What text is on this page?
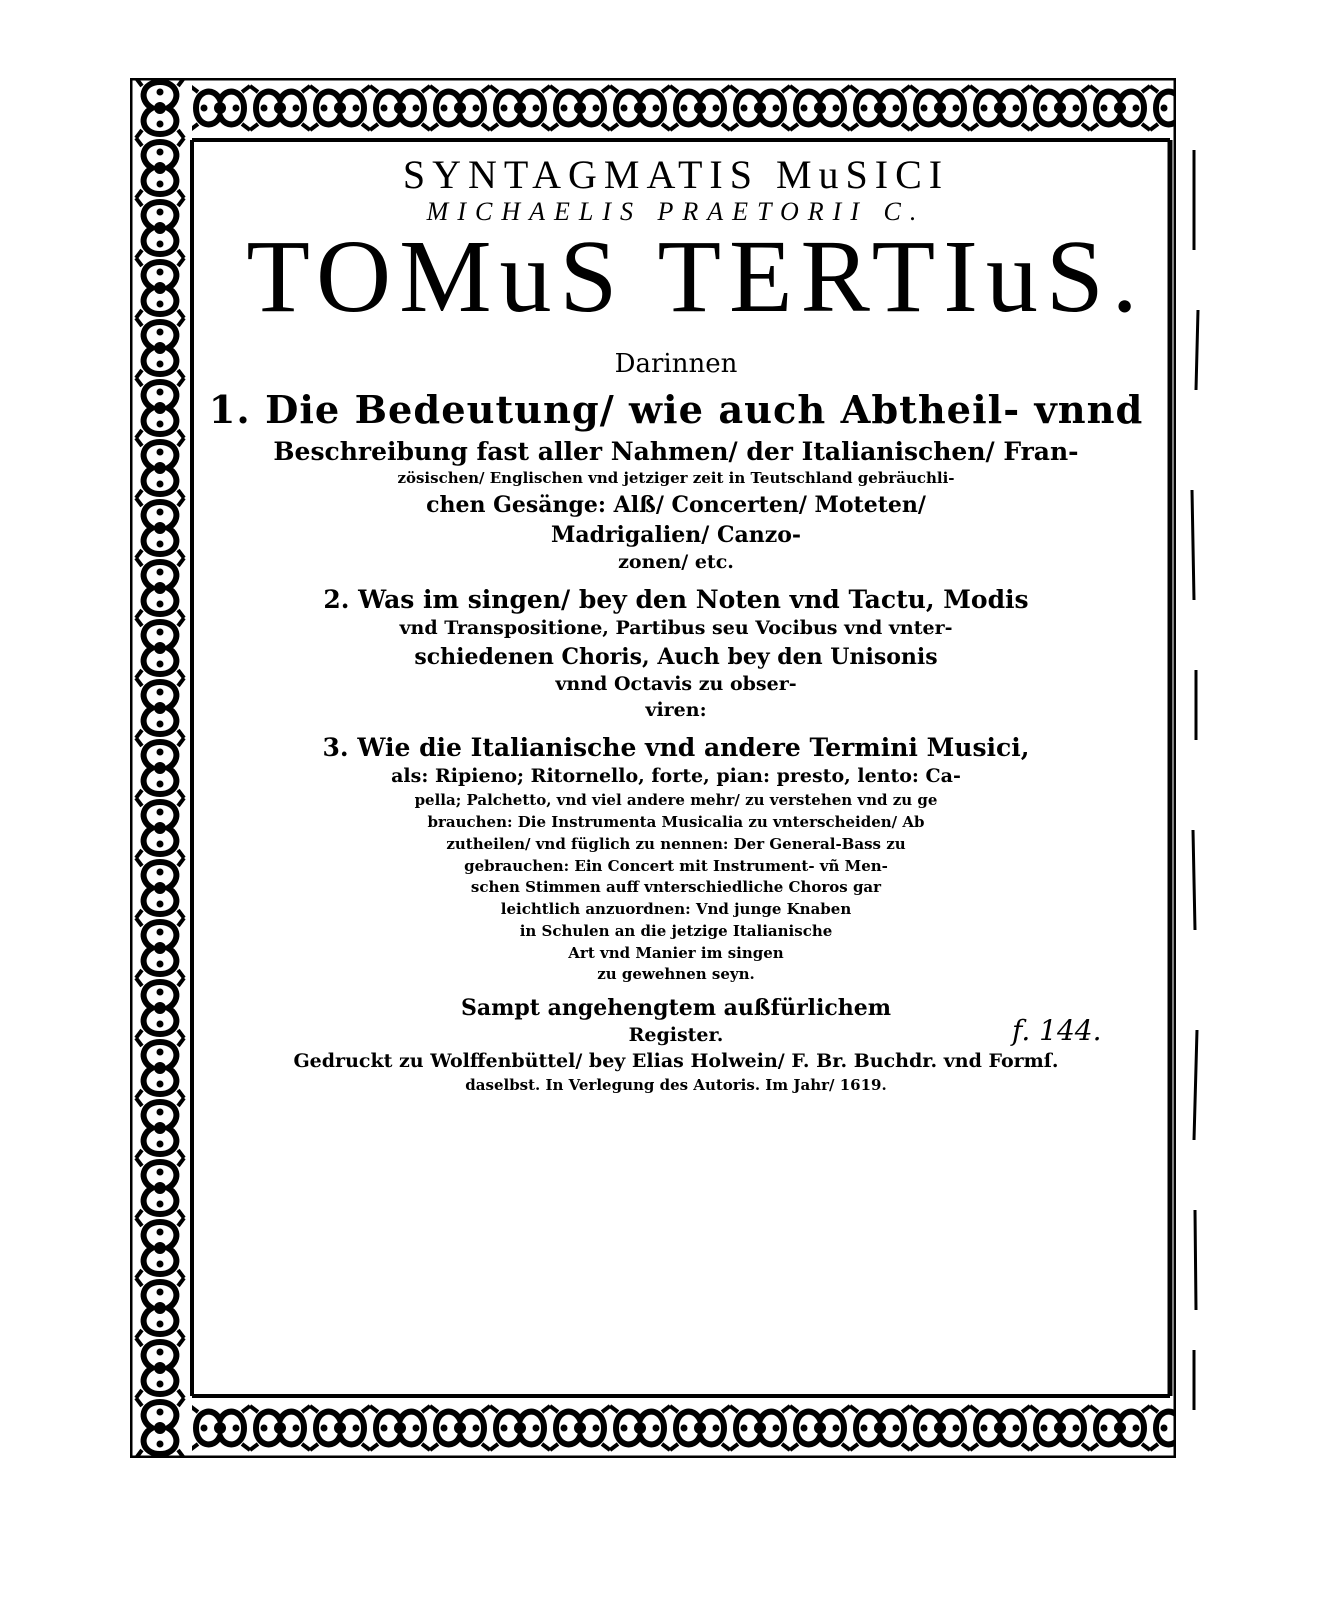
SYNTAGMATIS MuSICI
MICHAELIS PRAETORII C.
TOMuS TERTIuS.
Darinnen
1. Die Bedeutung/ wie auch Abtheil- vnnd
Beschreibung fast aller Nahmen/ der Italianischen/ Fran-
zösischen/ Englischen vnd jetziger zeit in Teutschland gebräuchli-
chen Gesänge: Alß/ Concerten/ Moteten/
Madrigalien/ Canzo-
zonen/ etc.
2. Was im singen/ bey den Noten vnd Tactu, Modis
vnd Transpositione, Partibus seu Vocibus vnd vnter-
schiedenen Choris, Auch bey den Unisonis
vnnd Octavis zu obser-
viren:
3. Wie die Italianische vnd andere Termini Musici,
als: Ripieno; Ritornello, forte, pian: presto, lento: Ca-
pella; Palchetto, vnd viel andere mehr/ zu verstehen vnd zu ge
brauchen: Die Instrumenta Musicalia zu vnterscheiden/ Ab
zutheilen/ vnd füglich zu nennen: Der General-Bass zu
gebrauchen: Ein Concert mit Instrument- vñ Men-
schen Stimmen auff vnterschiedliche Choros gar
leichtlich anzuordnen: Vnd junge Knaben
in Schulen an die jetzige Italianische
Art vnd Manier im singen
zu gewehnen seyn.
Sampt angehengtem außfürlichem
Register.
Gedruckt zu Wolffenbüttel/ bey Elias Holwein/ F. Br. Buchdr. vnd Formſ.
daselbst. In Verlegung des Autoris. Im Jahr/ 1619.
f. 144.
